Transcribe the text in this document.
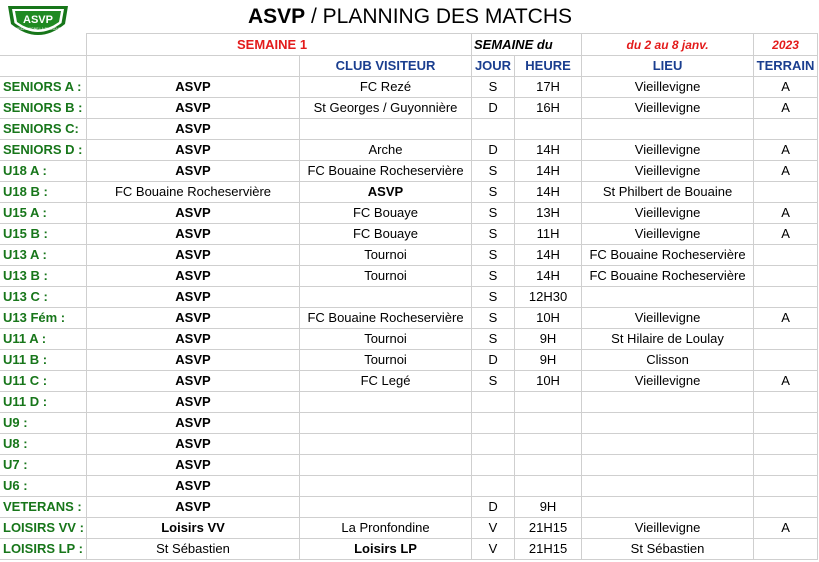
ASVP
VIEILLEVIGNE LA PLANCHE
ASVP / PLANNING DES MATCHS
	SEMAINE 1		SEMAINE du		du 2 au 8 janv.	2023
		CLUB VISITEUR	JOUR	HEURE	LIEU	TERRAIN
SENIORS A :	ASVP	FC Rezé	S	17H	Vieillevigne	A
SENIORS B :	ASVP	St Georges / Guyonnière	D	16H	Vieillevigne	A
SENIORS C:	ASVP					
SENIORS D :	ASVP	Arche	D	14H	Vieillevigne	A
U18 A :	ASVP	FC Bouaine Rocheservière	S	14H	Vieillevigne	A
U18 B :	FC Bouaine Rocheservière	ASVP	S	14H	St Philbert de Bouaine	
U15 A :	ASVP	FC Bouaye	S	13H	Vieillevigne	A
U15 B :	ASVP	FC Bouaye	S	11H	Vieillevigne	A
U13 A :	ASVP	Tournoi	S	14H	FC Bouaine Rocheservière	
U13 B :	ASVP	Tournoi	S	14H	FC Bouaine Rocheservière	
U13 C :	ASVP		S	12H30		
U13 Fém :	ASVP	FC Bouaine Rocheservière	S	10H	Vieillevigne	A
U11 A :	ASVP	Tournoi	S	9H	St Hilaire de Loulay	
U11 B :	ASVP	Tournoi	D	9H	Clisson	
U11 C :	ASVP	FC Legé	S	10H	Vieillevigne	A
U11 D :	ASVP					
U9 :	ASVP					
U8 :	ASVP					
U7 :	ASVP					
U6 :	ASVP					
VETERANS :	ASVP		D	9H		
LOISIRS VV :	Loisirs VV	La Pronfondine	V	21H15	Vieillevigne	A
LOISIRS LP :	St Sébastien	Loisirs LP	V	21H15	St Sébastien	
